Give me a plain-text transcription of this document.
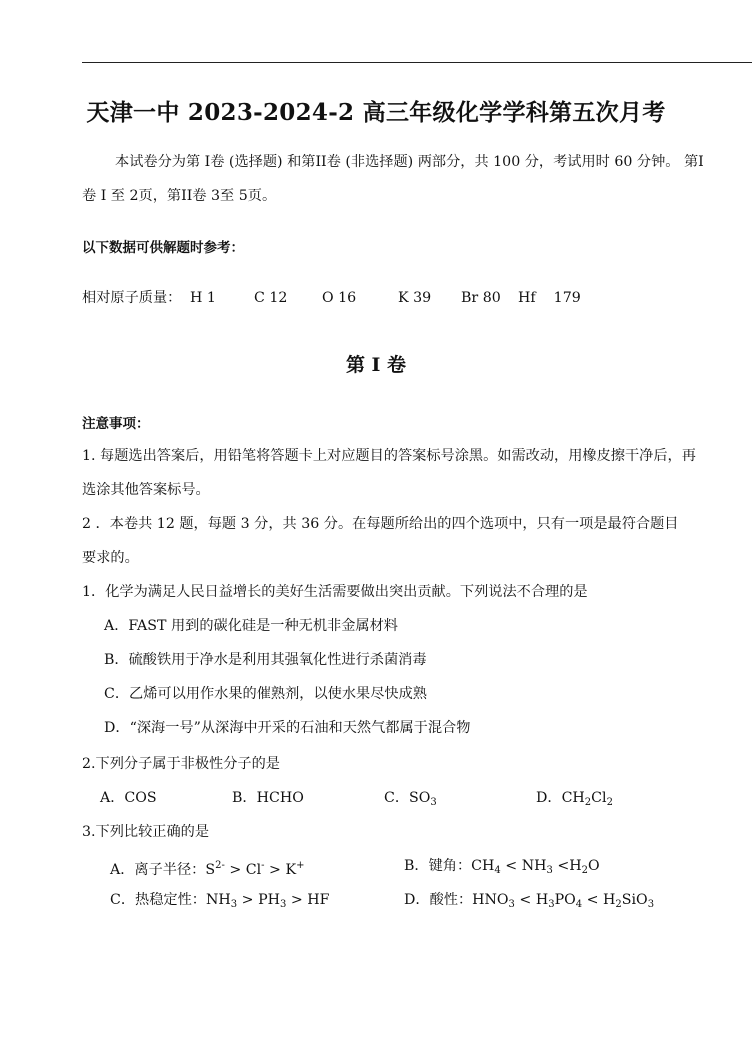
天津一中 2023-2024-2 高三年级化学学科第五次月考
本试卷分为第 I卷 (选择题) 和第II卷 (非选择题) 两部分，共 100 分，考试用时 60 分钟。 第I
卷 I 至 2页，第II卷 3至 5页。
以下数据可供解题时参考：
相对原子质量： H 1	C 12 O 16	K 39 Br 80 Hf    179
第 I 卷
注意事项：
1. 每题选出答案后，用铅笔将答题卡上对应题目的答案标号涂黑。如需改动，用橡皮擦干净后，再
选涂其他答案标号。
2 ．本卷共 12 题，每题 3 分，共 36 分。在每题所给出的四个选项中，只有一项是最符合题目
要求的。
1．化学为满足人民日益增长的美好生活需要做出突出贡献。下列说法不合理的是
A．FAST 用到的碳化硅是一种无机非金属材料
B．硫酸铁用于净水是利用其强氧化性进行杀菌消毒
C．乙烯可以用作水果的催熟剂，以使水果尽快成熟
D．“深海一号”从深海中开采的石油和天然气都属于混合物
2.下列分子属于非极性分子的是
A．COS	B．HCHO	C．$SO_3$	D．$CH_2Cl_2$
3.下列比较正确的是
A．离子半径：$S^{2-} > Cl^- > K^+$	B．键角：$CH_4 < NH_3 <H_2O$
C．热稳定性：$NH_3 > PH_3$ > HF	D．酸性：$HNO_3 < H_3PO_4 < H_2SiO_3$
